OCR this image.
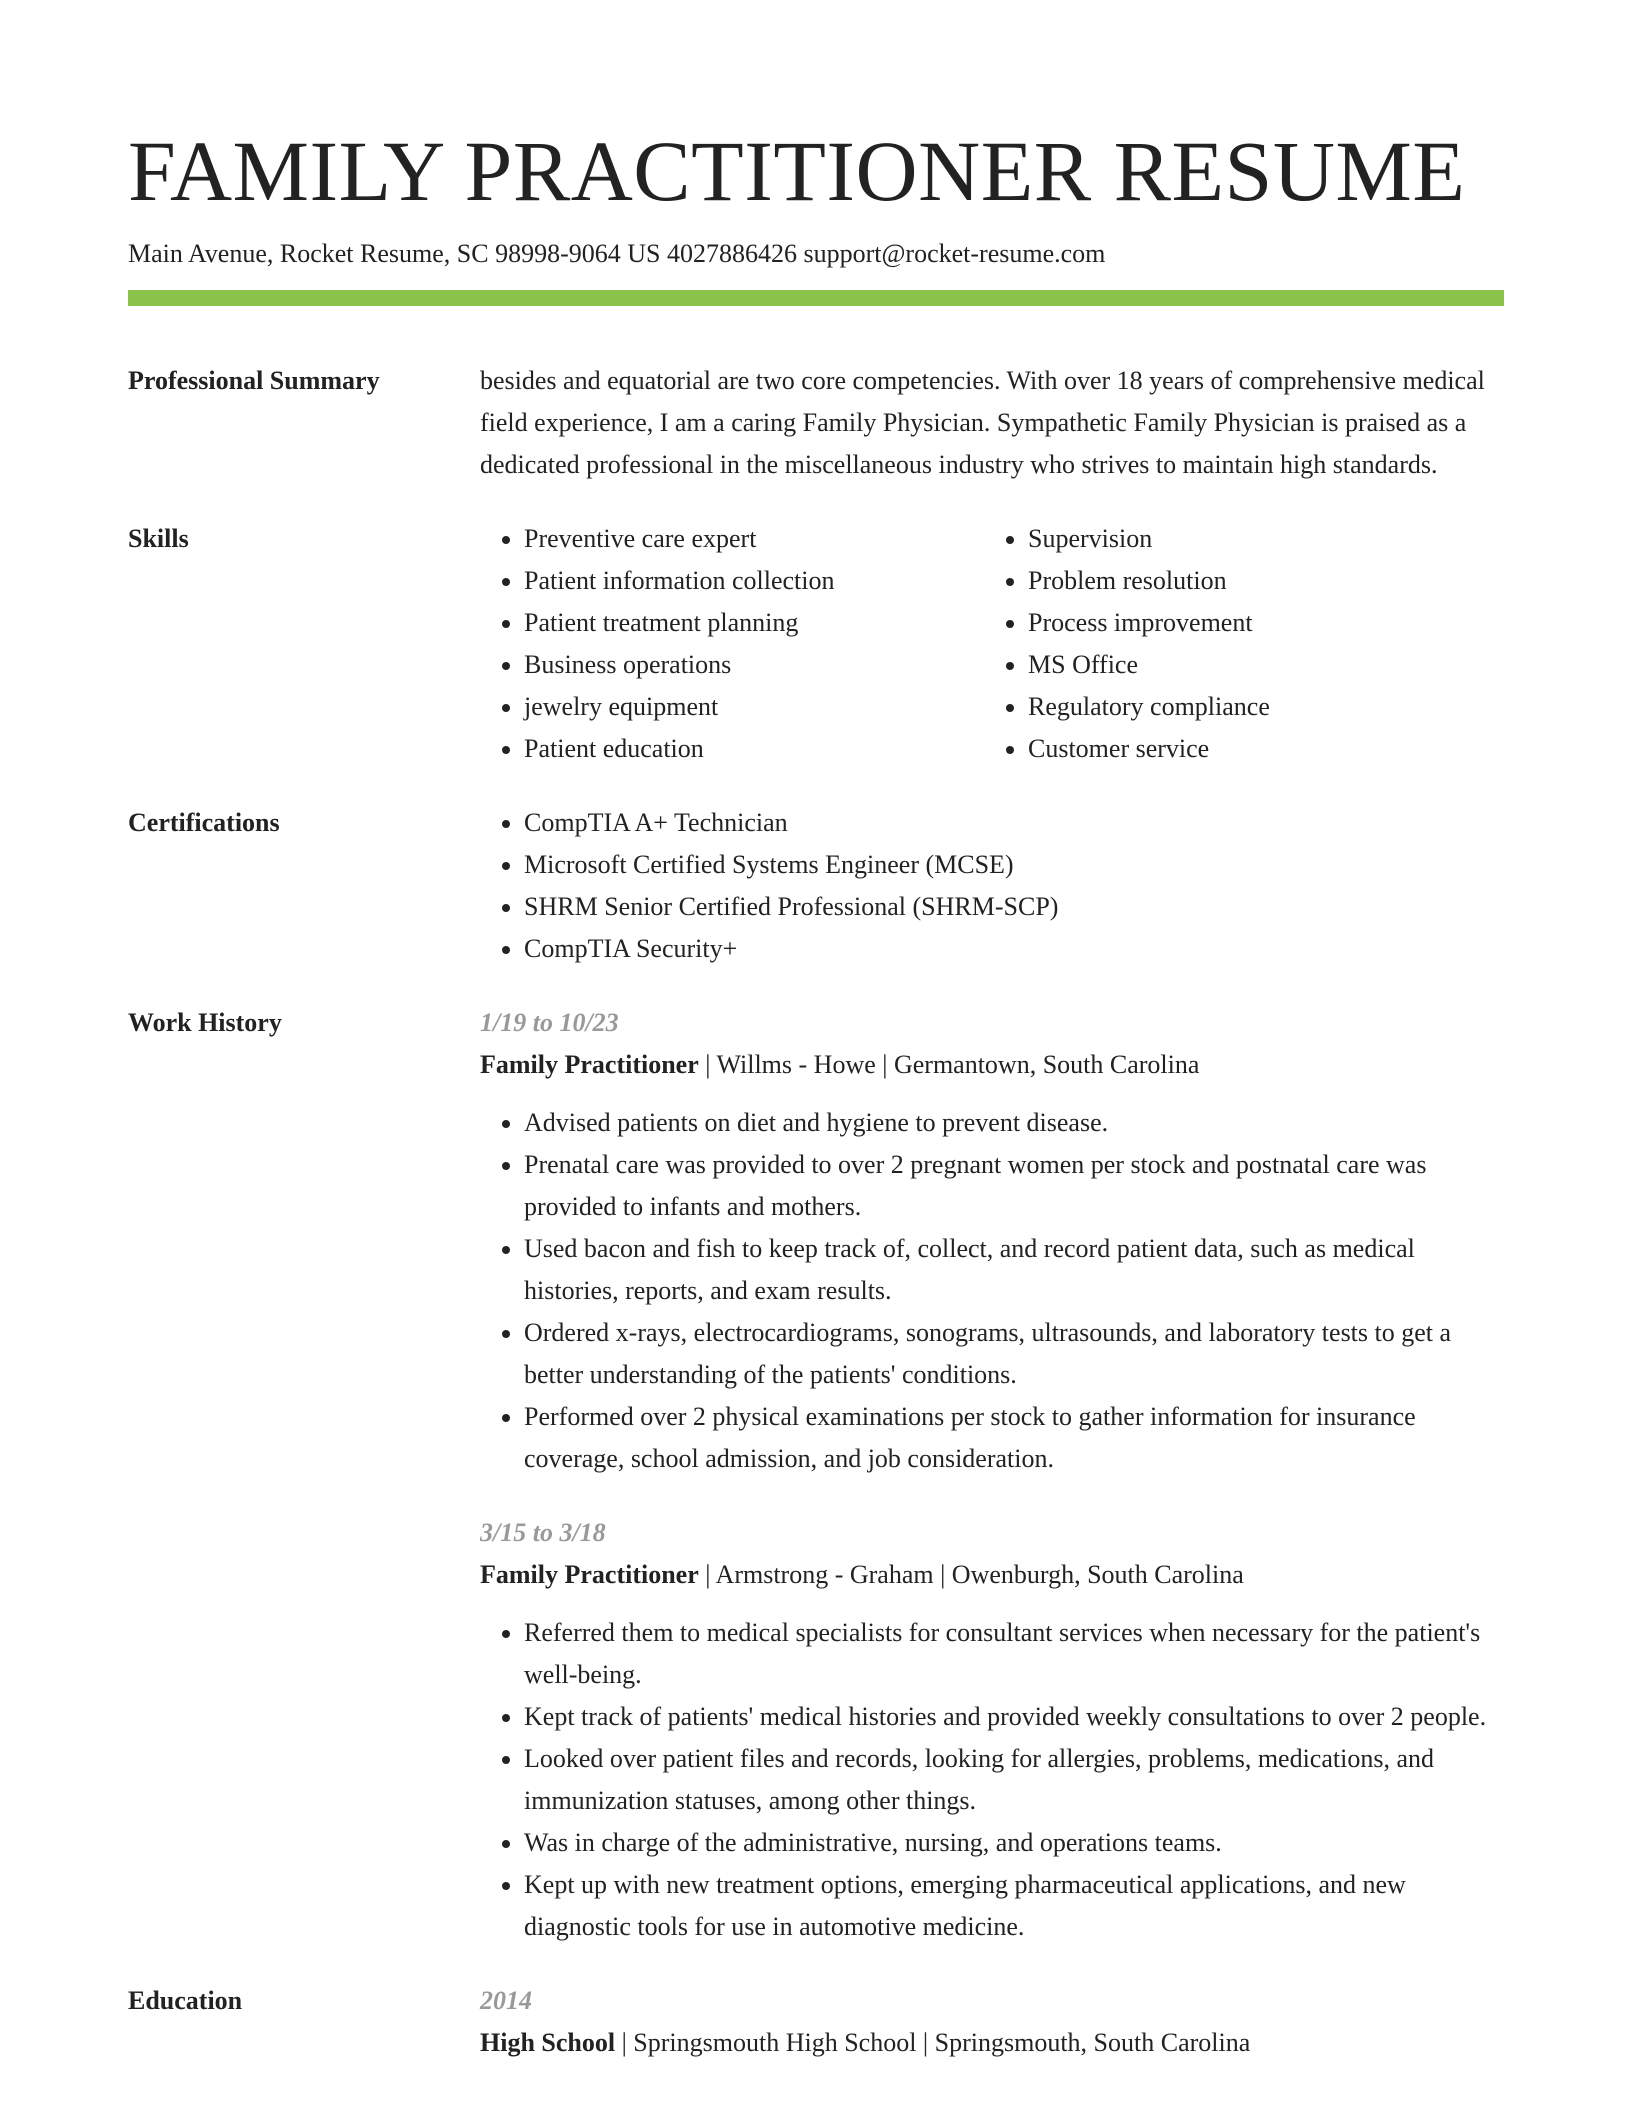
FAMILY PRACTITIONER RESUME
Main Avenue, Rocket Resume, SC 98998-9064 US 4027886426 support@rocket-resume.com
Professional Summary	besides and equatorial are two core competencies. With over 18 years of comprehensive medical field experience, I am a caring Family Physician. Sympathetic Family Physician is praised as a dedicated professional in the miscellaneous industry who strives to maintain high standards.

Skills	• Preventive care expert
• Patient information collection
• Patient treatment planning
• Business operations
• jewelry equipment
• Patient education
• Supervision
• Problem resolution
• Process improvement
• MS Office
• Regulatory compliance
• Customer service
Certifications	• CompTIA A+ Technician
• Microsoft Certified Systems Engineer (MCSE)
• SHRM Senior Certified Professional (SHRM-SCP)
• CompTIA Security+
Work History	1/19 to 10/23
Family Practitioner | Willms - Howe | Germantown, South Carolina
• Advised patients on diet and hygiene to prevent disease.
• Prenatal care was provided to over 2 pregnant women per stock and postnatal care was provided to infants and mothers.
• Used bacon and fish to keep track of, collect, and record patient data, such as medical histories, reports, and exam results.
• Ordered x-rays, electrocardiograms, sonograms, ultrasounds, and laboratory tests to get a better understanding of the patients' conditions.
• Performed over 2 physical examinations per stock to gather information for insurance coverage, school admission, and job consideration.
3/15 to 3/18
Family Practitioner | Armstrong - Graham | Owenburgh, South Carolina
• Referred them to medical specialists for consultant services when necessary for the patient's well-being.
• Kept track of patients' medical histories and provided weekly consultations to over 2 people.
• Looked over patient files and records, looking for allergies, problems, medications, and immunization statuses, among other things.
• Was in charge of the administrative, nursing, and operations teams.
• Kept up with new treatment options, emerging pharmaceutical applications, and new diagnostic tools for use in automotive medicine.
Education	2014
High School | Springsmouth High School | Springsmouth, South Carolina
